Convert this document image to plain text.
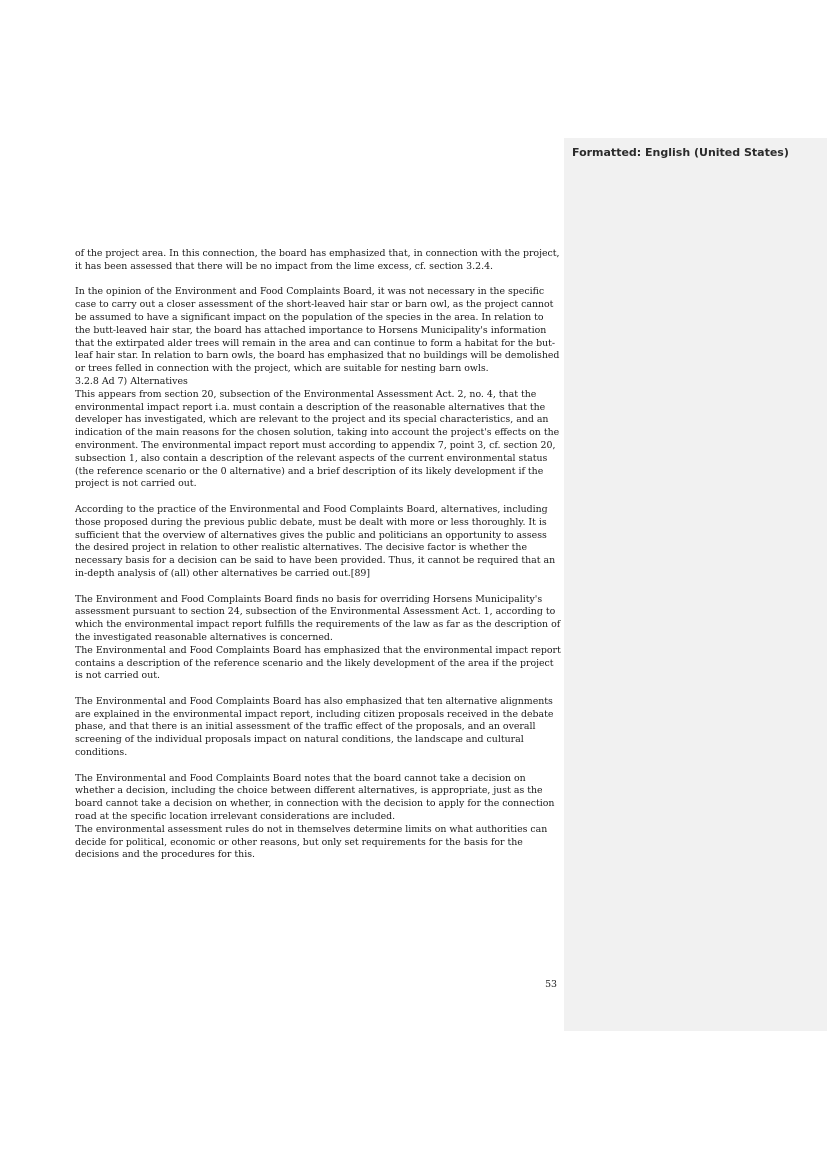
Formatted: English (United States)

of the project area. In this connection, the board has emphasized that, in connection with the project, it has been assessed that there will be no impact from the lime excess, cf. section 3.2.4.

In the opinion of the Environment and Food Complaints Board, it was not necessary in the specific case to carry out a closer assessment of the short-leaved hair star or barn owl, as the project cannot be assumed to have a significant impact on the population of the species in the area. In relation to the butt-leaved hair star, the board has attached importance to Horsens Municipality's information that the extirpated alder trees will remain in the area and can continue to form a habitat for the but-leaf hair star. In relation to barn owls, the board has emphasized that no buildings will be demolished or trees felled in connection with the project, which are suitable for nesting barn owls.

3.2.8 Ad 7) Alternatives

This appears from section 20, subsection of the Environmental Assessment Act. 2, no. 4, that the environmental impact report i.a. must contain a description of the reasonable alternatives that the developer has investigated, which are relevant to the project and its special characteristics, and an indication of the main reasons for the chosen solution, taking into account the project's effects on the environment. The environmental impact report must according to appendix 7, point 3, cf. section 20, subsection 1, also contain a description of the relevant aspects of the current environmental status (the reference scenario or the 0 alternative) and a brief description of its likely development if the project is not carried out.

According to the practice of the Environmental and Food Complaints Board, alternatives, including those proposed during the previous public debate, must be dealt with more or less thoroughly. It is sufficient that the overview of alternatives gives the public and politicians an opportunity to assess the desired project in relation to other realistic alternatives. The decisive factor is whether the necessary basis for a decision can be said to have been provided. Thus, it cannot be required that an in-depth analysis of (all) other alternatives be carried out.[89]

The Environment and Food Complaints Board finds no basis for overriding Horsens Municipality's assessment pursuant to section 24, subsection of the Environmental Assessment Act. 1, according to which the environmental impact report fulfills the requirements of the law as far as the description of the investigated reasonable alternatives is concerned.

The Environmental and Food Complaints Board has emphasized that the environmental impact report contains a description of the reference scenario and the likely development of the area if the project is not carried out.

The Environmental and Food Complaints Board has also emphasized that ten alternative alignments are explained in the environmental impact report, including citizen proposals received in the debate phase, and that there is an initial assessment of the traffic effect of the proposals, and an overall screening of the individual proposals impact on natural conditions, the landscape and cultural conditions.

The Environmental and Food Complaints Board notes that the board cannot take a decision on whether a decision, including the choice between different alternatives, is appropriate, just as the board cannot take a decision on whether, in connection with the decision to apply for the connection road at the specific location irrelevant considerations are included.

The environmental assessment rules do not in themselves determine limits on what authorities can decide for political, economic or other reasons, but only set requirements for the basis for the decisions and the procedures for this.

53
